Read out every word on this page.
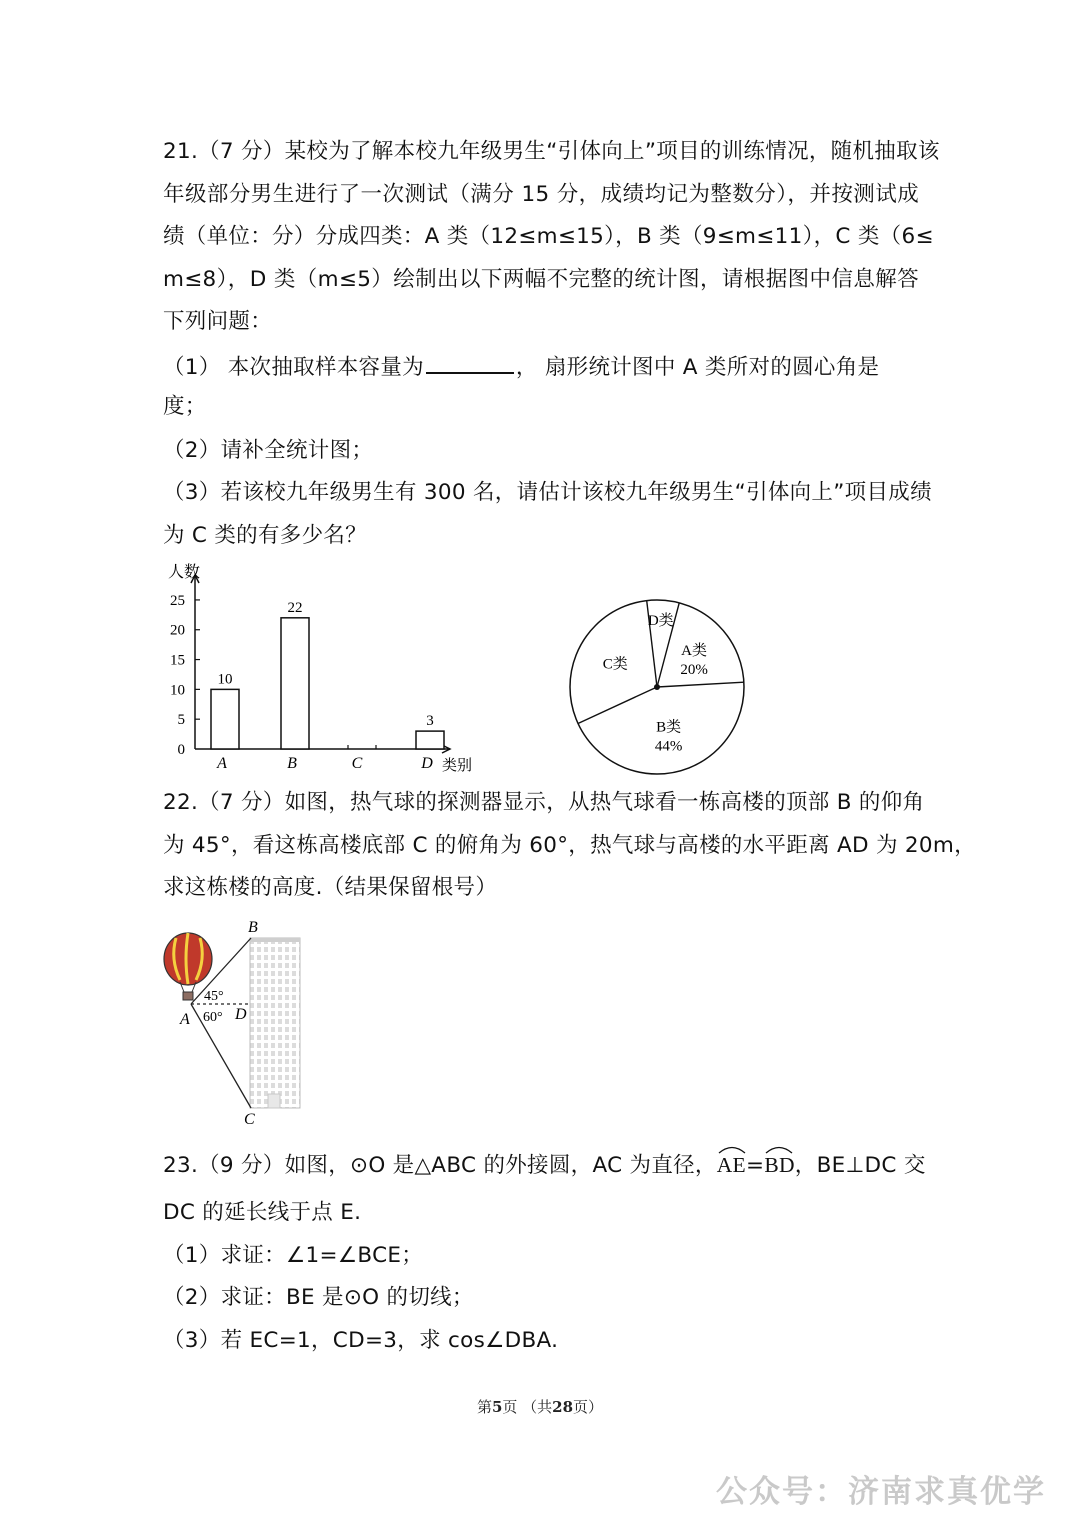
21.（7 分）某校为了解本校九年级男生“引体向上”项目的训练情况，随机抽取该

年级部分男生进行了一次测试（满分 15 分，成绩均记为整数分），并按测试成

绩（单位：分）分成四类：A 类（12≤m≤15），B 类（9≤m≤11），C 类（6≤

m≤8），D 类（m≤5）绘制出以下两幅不完整的统计图，请根据图中信息解答

下列问题：

（1） 本次抽取样本容量为	， 扇形统计图中 A 类所对的圆心角是

度；

（2）请补全统计图；

（3）若该校九年级男生有 300 名，请估计该校九年级男生“引体向上”项目成绩

为 C 类的有多少名？

人数
类别
0
5
10
15
20
25
A	B	C	D
10
22
3
A类
20%
B类
44%
C类
D类

22.（7 分）如图，热气球的探测器显示，从热气球看一栋高楼的顶部 B 的仰角

为 45°，看这栋高楼底部 C 的俯角为 60°，热气球与高楼的水平距离 AD 为 20m，

求这栋楼的高度.（结果保留根号）

B
A	D
C
45°
60°

23.（9 分）如图，⊙O 是△ABC 的外接圆，AC 为直径，
AE=
BD，BE⊥DC 交

DC 的延长线于点 E.

（1）求证：∠1=∠BCE；

（2）求证：BE 是⊙O 的切线；

（3）若 EC=1，CD=3，求 cos∠DBA.

第5页 （共28页）
公众号：济南求真优学
